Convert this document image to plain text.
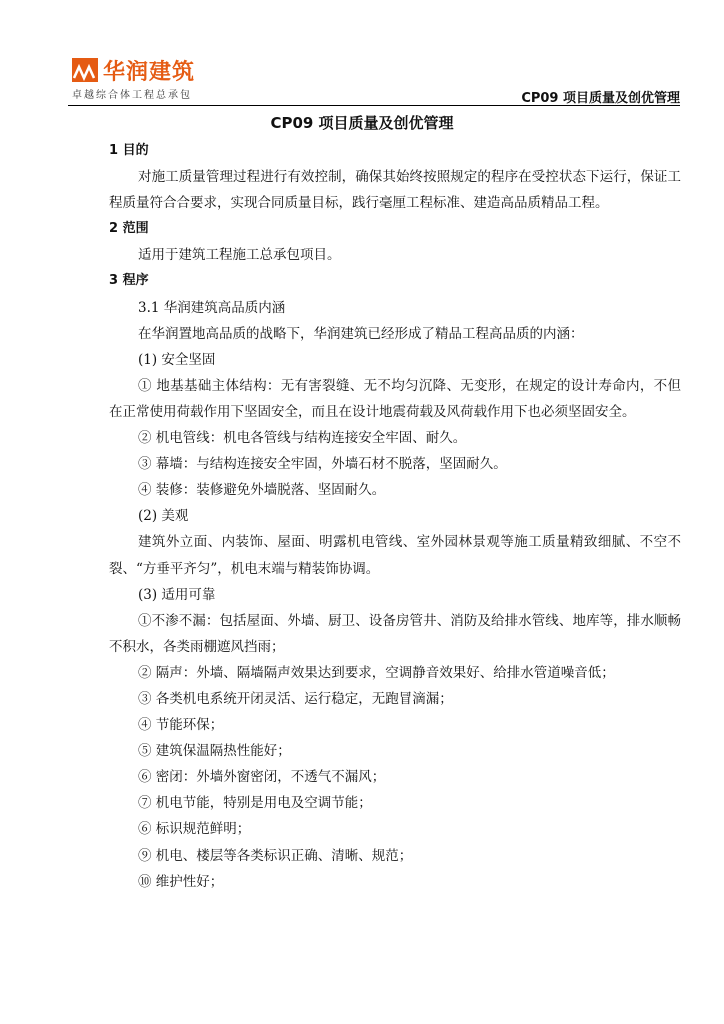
华润建筑
卓越综合体工程总承包	CP09 项目质量及创优管理
CP09 项目质量及创优管理

1 目的

对施工质量管理过程进行有效控制，确保其始终按照规定的程序在受控状态下运行，保证工程质量符合合要求，实现合同质量目标，践行毫厘工程标准、建造高品质精品工程。

2 范围

适用于建筑工程施工总承包项目。

3 程序

3.1 华润建筑高品质内涵

在华润置地高品质的战略下，华润建筑已经形成了精品工程高品质的内涵：

(1) 安全坚固

① 地基基础主体结构：无有害裂缝、无不均匀沉降、无变形，在规定的设计寿命内，不但在正常使用荷载作用下坚固安全，而且在设计地震荷载及风荷载作用下也必须坚固安全。

② 机电管线：机电各管线与结构连接安全牢固、耐久。

③ 幕墙：与结构连接安全牢固，外墙石材不脱落，坚固耐久。

④ 装修：装修避免外墙脱落、坚固耐久。

(2) 美观

建筑外立面、内装饰、屋面、明露机电管线、室外园林景观等施工质量精致细腻、不空不裂、“方垂平齐匀”，机电末端与精装饰协调。

(3) 适用可靠

①不渗不漏：包括屋面、外墙、厨卫、设备房管井、消防及给排水管线、地库等，排水顺畅不积水，各类雨棚遮风挡雨；

② 隔声：外墙、隔墙隔声效果达到要求，空调静音效果好、给排水管道噪音低；

③ 各类机电系统开闭灵活、运行稳定，无跑冒滴漏；

④ 节能环保；

⑤ 建筑保温隔热性能好；

⑥ 密闭：外墙外窗密闭，不透气不漏风；

⑦ 机电节能，特别是用电及空调节能；

⑥ 标识规范鲜明；

⑨ 机电、楼层等各类标识正确、清晰、规范；

⑩ 维护性好；
